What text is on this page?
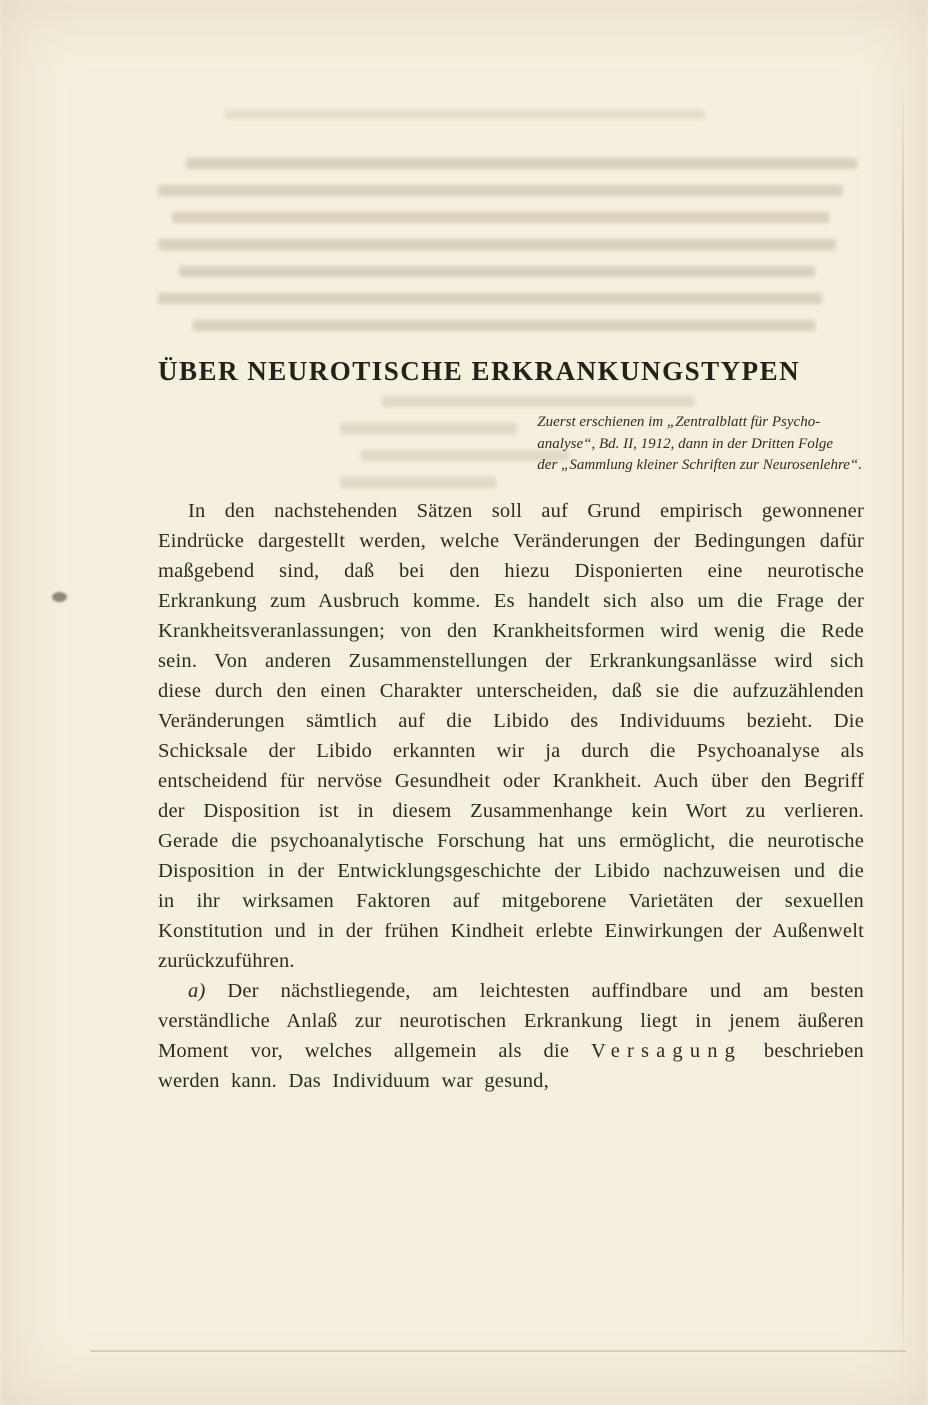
ÜBER NEUROTISCHE ERKRANKUNGSTYPEN
Zuerst erschienen im „Zentralblatt für Psycho-
analyse“, Bd. II, 1912, dann in der Dritten Folge
der „Sammlung kleiner Schriften zur Neurosenlehre“.

In den nachstehenden Sätzen soll auf Grund empirisch gewonnener Eindrücke dargestellt werden, welche Veränderungen der Bedingungen dafür maßgebend sind, daß bei den hiezu Disponierten eine neurotische Erkrankung zum Ausbruch komme. Es handelt sich also um die Frage der Krankheitsveranlassungen; von den Krankheitsformen wird wenig die Rede sein. Von anderen Zusammenstellungen der Erkrankungsanlässe wird sich diese durch den einen Charakter unterscheiden, daß sie die aufzuzählenden Veränderungen sämtlich auf die Libido des Individuums bezieht. Die Schicksale der Libido erkannten wir ja durch die Psychoanalyse als entscheidend für nervöse Gesundheit oder Krankheit. Auch über den Begriff der Disposition ist in diesem Zusammenhange kein Wort zu verlieren. Gerade die psychoanalytische Forschung hat uns ermöglicht, die neurotische Disposition in der Entwicklungsgeschichte der Libido nachzuweisen und die in ihr wirksamen Faktoren auf mitgeborene Varietäten der sexuellen Konstitution und in der frühen Kindheit erlebte Einwirkungen der Außenwelt zurückzuführen.

a) Der nächstliegende, am leichtesten auffindbare und am besten verständliche Anlaß zur neurotischen Erkrankung liegt in jenem äußeren Moment vor, welches allgemein als die Versagung beschrieben werden kann. Das Individuum war gesund,
